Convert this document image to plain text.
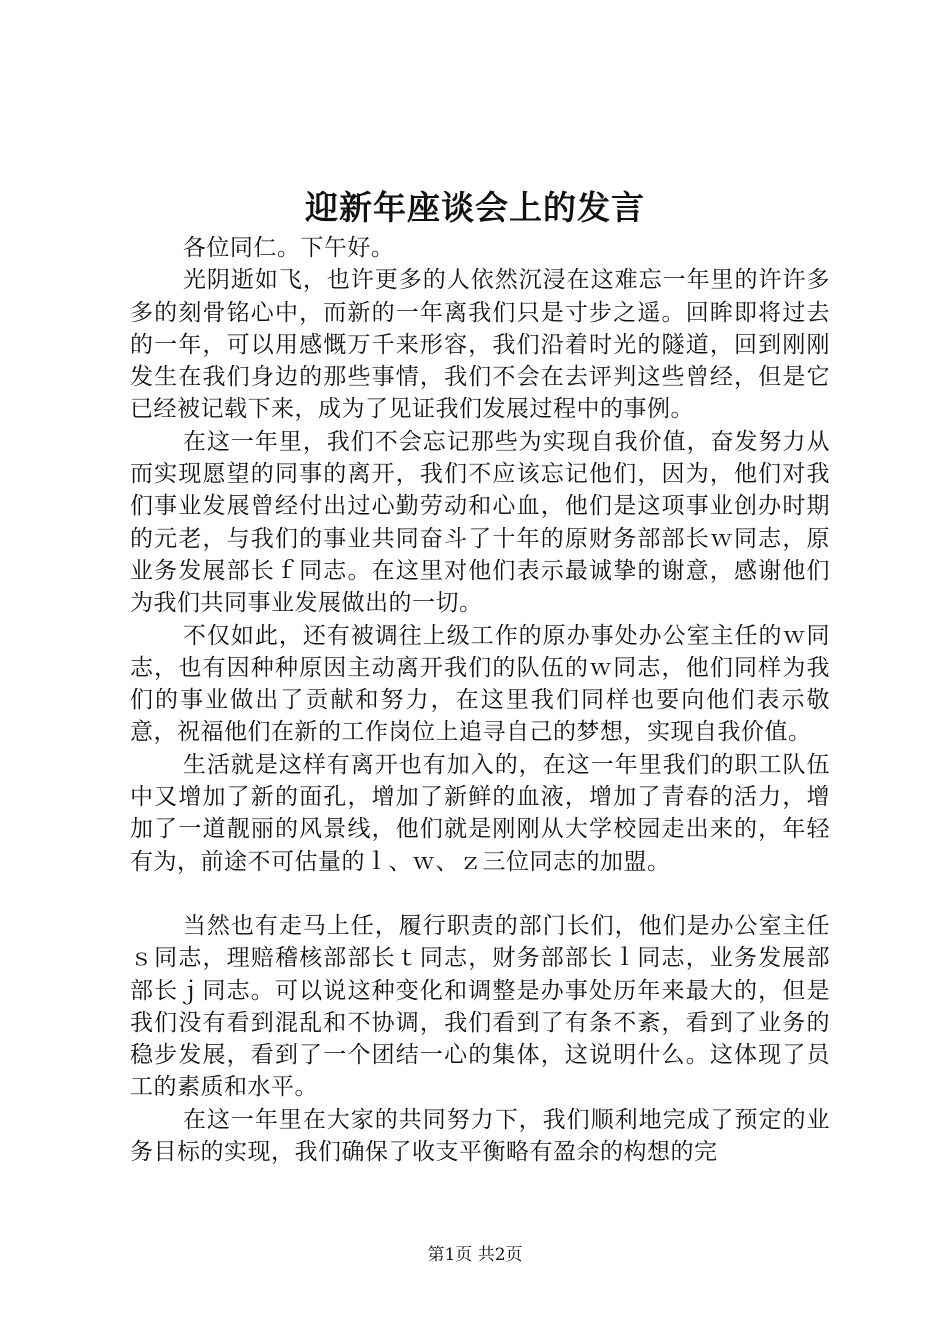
迎新年座谈会上的发言

各位同仁。下午好。

光阴逝如飞，也许更多的人依然沉浸在这难忘一年里的许许多多的刻骨铭心中，而新的一年离我们只是寸步之遥。回眸即将过去的一年，可以用感慨万千来形容，我们沿着时光的隧道，回到刚刚发生在我们身边的那些事情，我们不会在去评判这些曾经，但是它已经被记载下来，成为了见证我们发展过程中的事例。

在这一年里，我们不会忘记那些为实现自我价值，奋发努力从而实现愿望的同事的离开，我们不应该忘记他们，因为，他们对我们事业发展曾经付出过心勤劳动和心血，他们是这项事业创办时期的元老，与我们的事业共同奋斗了十年的原财务部部长ｗ同志，原业务发展部长ｆ同志。在这里对他们表示最诚挚的谢意，感谢他们为我们共同事业发展做出的一切。

不仅如此，还有被调往上级工作的原办事处办公室主任的ｗ同志，也有因种种原因主动离开我们的队伍的ｗ同志，他们同样为我们的事业做出了贡献和努力，在这里我们同样也要向他们表示敬意，祝福他们在新的工作岗位上追寻自己的梦想，实现自我价值。

生活就是这样有离开也有加入的，在这一年里我们的职工队伍中又增加了新的面孔，增加了新鲜的血液，增加了青春的活力，增加了一道靓丽的风景线，他们就是刚刚从大学校园走出来的，年轻有为，前途不可估量的ｌ、ｗ、ｚ三位同志的加盟。

当然也有走马上任，履行职责的部门长们，他们是办公室主任ｓ同志，理赔稽核部部长ｔ同志，财务部部长ｌ同志，业务发展部部长ｊ同志。可以说这种变化和调整是办事处历年来最大的，但是我们没有看到混乱和不协调，我们看到了有条不紊，看到了业务的稳步发展，看到了一个团结一心的集体，这说明什么。这体现了员工的素质和水平。

在这一年里在大家的共同努力下，我们顺利地完成了预定的业务目标的实现，我们确保了收支平衡略有盈余的构想的完

第1页 共2页
